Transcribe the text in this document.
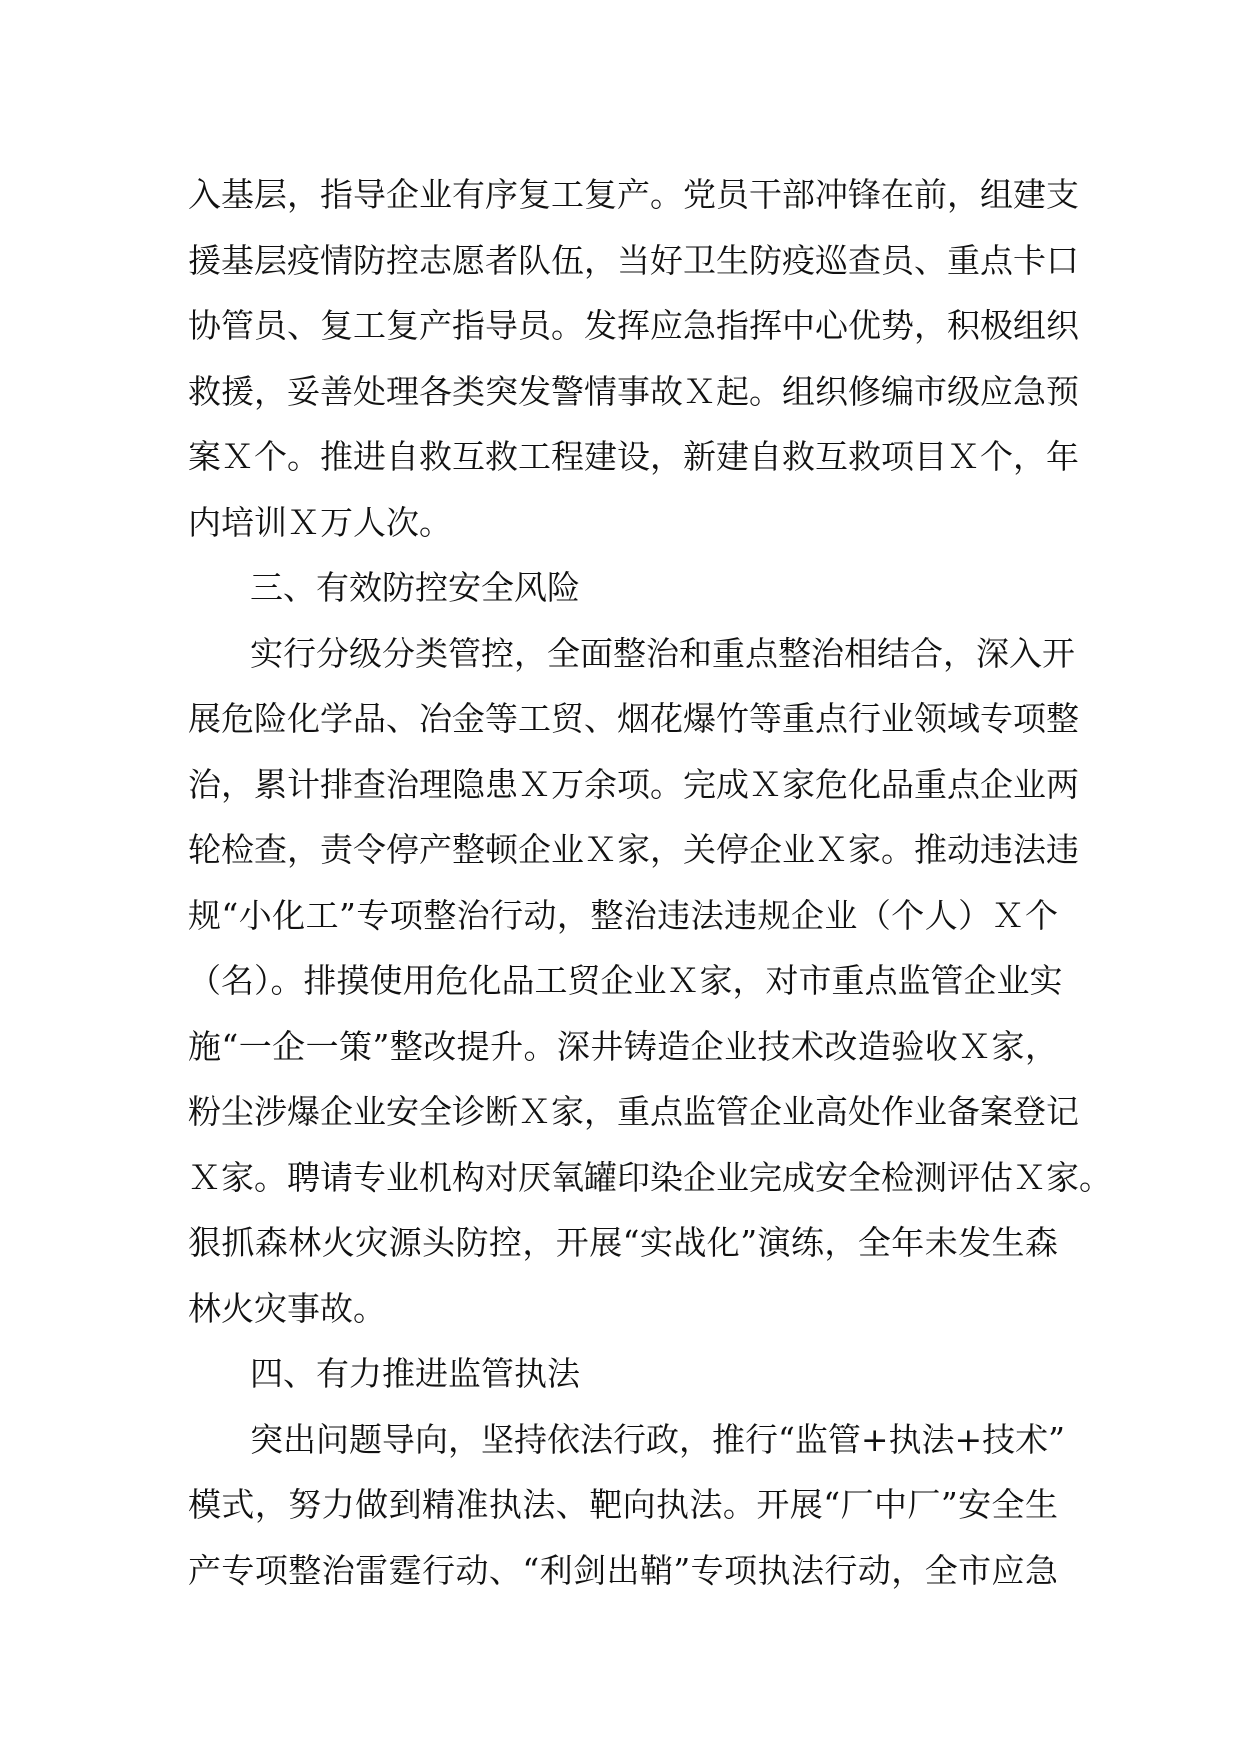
入基层，指导企业有序复工复产。党员干部冲锋在前，组建支
援基层疫情防控志愿者队伍，当好卫生防疫巡查员、重点卡口
协管员、复工复产指导员。发挥应急指挥中心优势，积极组织
救援，妥善处理各类突发警情事故Ｘ起。组织修编市级应急预
案Ｘ个。推进自救互救工程建设，新建自救互救项目Ｘ个，年
内培训Ｘ万人次。
三、有效防控安全风险
实行分级分类管控，全面整治和重点整治相结合，深入开
展危险化学品、冶金等工贸、烟花爆竹等重点行业领域专项整
治，累计排查治理隐患Ｘ万余项。完成Ｘ家危化品重点企业两
轮检查，责令停产整顿企业Ｘ家，关停企业Ｘ家。推动违法违
规“小化工”专项整治行动，整治违法违规企业（个人）Ｘ个
（名）。排摸使用危化品工贸企业Ｘ家，对市重点监管企业实
施“一企一策”整改提升。深井铸造企业技术改造验收Ｘ家，
粉尘涉爆企业安全诊断Ｘ家，重点监管企业高处作业备案登记
Ｘ家。聘请专业机构对厌氧罐印染企业完成安全检测评估Ｘ家。
狠抓森林火灾源头防控，开展“实战化”演练，全年未发生森
林火灾事故。
四、有力推进监管执法
突出问题导向，坚持依法行政，推行“监管+执法+技术”
模式，努力做到精准执法、靶向执法。开展“厂中厂”安全生
产专项整治雷霆行动、“利剑出鞘”专项执法行动，全市应急
